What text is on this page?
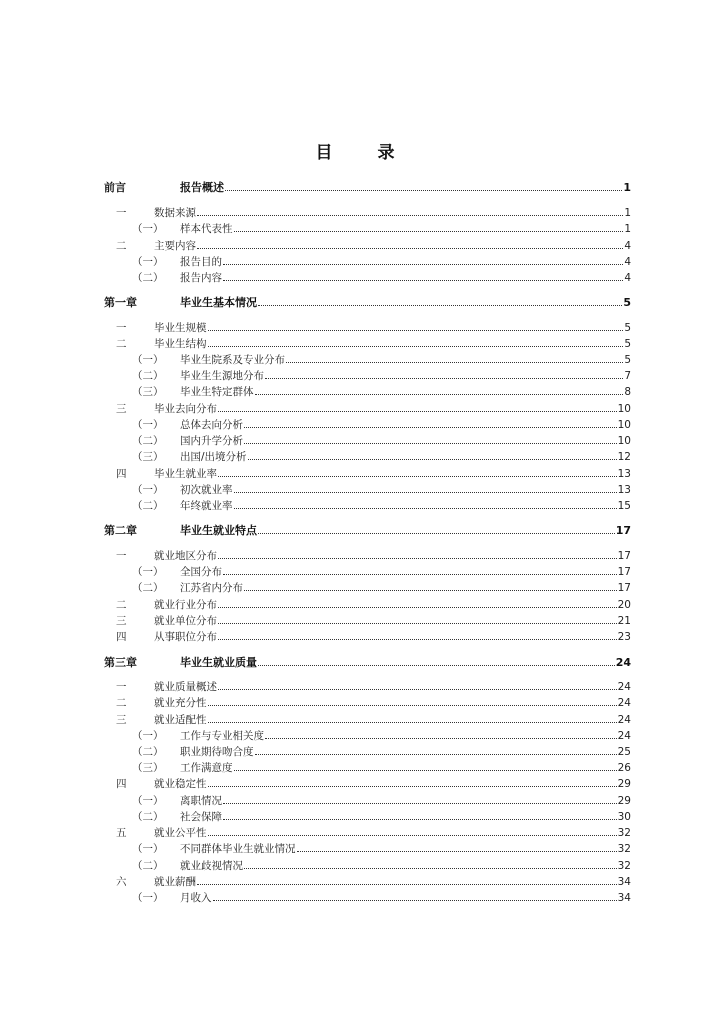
目　录
前言	报告概述	1
一	数据来源	1
（一）	样本代表性	1
二	主要内容	4
（一）	报告目的	4
（二）	报告内容	4
第一章	毕业生基本情况	5
一	毕业生规模	5
二	毕业生结构	5
（一）	毕业生院系及专业分布	5
（二）	毕业生生源地分布	7
（三）	毕业生特定群体	8
三	毕业去向分布	10
（一）	总体去向分析	10
（二）	国内升学分析	10
（三）	出国/出境分析	12
四	毕业生就业率	13
（一）	初次就业率	13
（二）	年终就业率	15
第二章	毕业生就业特点	17
一	就业地区分布	17
（一）	全国分布	17
（二）	江苏省内分布	17
二	就业行业分布	20
三	就业单位分布	21
四	从事职位分布	23
第三章	毕业生就业质量	24
一	就业质量概述	24
二	就业充分性	24
三	就业适配性	24
（一）	工作与专业相关度	24
（二）	职业期待吻合度	25
（三）	工作满意度	26
四	就业稳定性	29
（一）	离职情况	29
（二）	社会保障	30
五	就业公平性	32
（一）	不同群体毕业生就业情况	32
（二）	就业歧视情况	32
六	就业薪酬	34
（一）	月收入	34
